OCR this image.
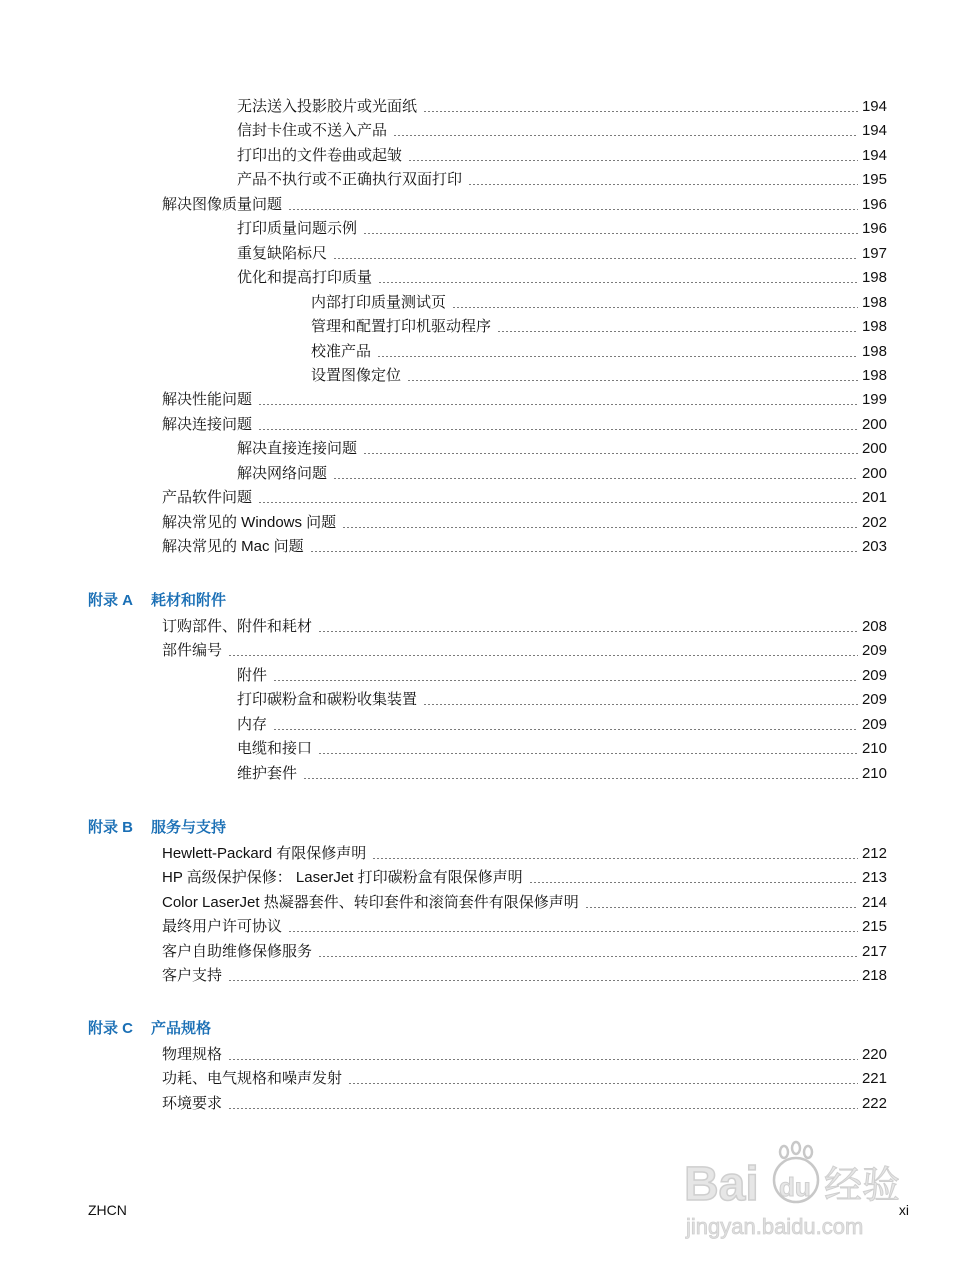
无法送入投影胶片或光面纸	194
信封卡住或不送入产品	194
打印出的文件卷曲或起皱	194
产品不执行或不正确执行双面打印	195
解决图像质量问题	196
打印质量问题示例	196
重复缺陷标尺	197
优化和提高打印质量	198
内部打印质量测试页	198
管理和配置打印机驱动程序	198
校准产品	198
设置图像定位	198
解决性能问题	199
解决连接问题	200
解决直接连接问题	200
解决网络问题	200
产品软件问题	201
解决常见的 Windows 问题	202
解决常见的 Mac 问题	203
附录 A 耗材和附件
订购部件、附件和耗材	208
部件编号	209
附件	209
打印碳粉盒和碳粉收集装置	209
内存	209
电缆和接口	210
维护套件	210
附录 B 服务与支持
Hewlett-Packard 有限保修声明	212
HP 高级保护保修： LaserJet 打印碳粉盒有限保修声明	213
Color LaserJet 热凝器套件、转印套件和滚筒套件有限保修声明	214
最终用户许可协议	215
客户自助维修保修服务	217
客户支持	218
附录 C 产品规格
物理规格	220
功耗、电气规格和噪声发射	221
环境要求	222
ZHCN	xi
Bai du 经验
jingyan.baidu.com
